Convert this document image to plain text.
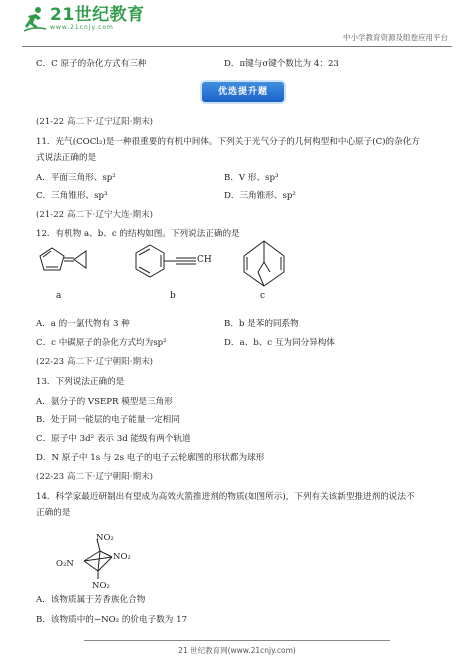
21世纪教育
www.21cnjy.com
中小学教育资源及组卷应用平台
C．C 原子的杂化方式有三种	D．π键与σ键个数比为 4：23
优选提升题
(21-22 高二下·辽宁辽阳·期末)
11．光气(COCl₂)是一种很重要的有机中间体。下列关于光气分子的几何构型和中心原子(C)的杂化方
式说法正确的是
A．平面三角形、sp²	B．V 形、sp³
C．三角锥形、sp³	D．三角锥形、sp²
(21-22 高二下·辽宁大连·期末)
12．有机物 a、b、c 的结构如图。下列说法正确的是
a
CH
b	c
A．a 的一氯代物有 3 种	B．b 是苯的同系物
C．c 中碳原子的杂化方式均为sp²	D．a、b、c 互为同分异构体
(22-23 高二下·辽宁朝阳·期末)
13．下列说法正确的是
A．氨分子的 VSEPR 模型是三角形
B．处于同一能层的电子能量一定相同
C．原子中 3d² 表示 3d 能级有两个轨道
D．N 原子中 1s 与 2s 电子的电子云轮廓图的形状都为球形
(22-23 高二下·辽宁朝阳·期末)
14．科学家最近研制出有望成为高效火箭推进剂的物质(如图所示)，下列有关该新型推进剂的说法不
正确的是
NO₂
NO₂
O₂N
NO₂
A．该物质属于芳香族化合物
B．该物质中的−NO₂ 的价电子数为 17
21 世纪教育网(www.21cnjy.com)
